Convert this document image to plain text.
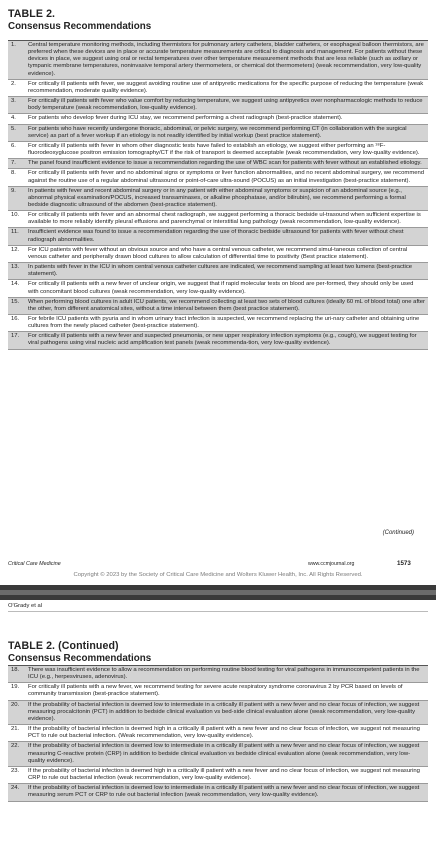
TABLE 2.
Consensus Recommendations
1. Central temperature monitoring methods, including thermistors for pulmonary artery catheters, bladder catheters, or esophageal balloon thermistors, are preferred when these devices are in place or accurate temperature measurements are critical to diagnosis and management. For patients without these devices in place, we suggest using oral or rectal temperatures over other temperature measurement methods that are less reliable (such as axillary or tympanic membrane temperatures, noninvasive temporal artery thermometers, or chemical dot thermometers) (weak recommendation, very low-quality evidence).
2. For critically ill patients with fever, we suggest avoiding routine use of antipyretic medications for the specific purpose of reducing the temperature (weak recommendation, moderate quality evidence).
3. For critically ill patients with fever who value comfort by reducing temperature, we suggest using antipyretics over nonpharmacologic methods to reduce body temperature (weak recommendation, low-quality evidence).
4. For patients who develop fever during ICU stay, we recommend performing a chest radiograph (best-practice statement).
5. For patients who have recently undergone thoracic, abdominal, or pelvic surgery, we recommend performing CT (in collaboration with the surgical service) as part of a fever workup if an etiology is not readily identified by initial workup (best practice statement).
6. For critically ill patients with fever in whom other diagnostic tests have failed to establish an etiology, we suggest either performing an ¹⁸F-fluorodeoxyglucose positron emission tomography/CT if the risk of transport is deemed acceptable (weak recommendation, very low-quality evidence).
7. The panel found insufficient evidence to issue a recommendation regarding the use of WBC scan for patients with fever without an established etiology.
8. For critically ill patients with fever and no abdominal signs or symptoms or liver function abnormalities, and no recent abdominal surgery, we recommend against the routine use of a regular abdominal ultrasound or point-of-care ultra-sound (POCUS) as an initial investigation (best-practice statement).
9. In patients with fever and recent abdominal surgery or in any patient with either abdominal symptoms or suspicion of an abdominal source (e.g., abnormal physical examination/POCUS, increased transaminases, or alkaline phosphatase, and/or bilirubin), we recommend performing a formal bedside diagnostic ultrasound of the abdomen (best-practice statement).
10. For critically ill patients with fever and an abnormal chest radiograph, we suggest performing a thoracic bedside ul-trasound when sufficient expertise is available to more reliably identify pleural effusions and parenchymal or interstitial lung pathology (weak recommendation, low-quality evidence).
11. Insufficient evidence was found to issue a recommendation regarding the use of thoracic bedside ultrasound for patients with fever without chest radiograph abnormalities.
12. For ICU patients with fever without an obvious source and who have a central venous catheter, we recommend simul-taneous collection of central venous catheter and peripherally drawn blood cultures to allow calculation of differential time to positivity (Best practice statement).
13. In patients with fever in the ICU in whom central venous catheter cultures are indicated, we recommend sampling at least two lumens (best-practice statement).
14. For critically ill patients with a new fever of unclear origin, we suggest that if rapid molecular tests on blood are per-formed, they should only be used with concomitant blood cultures (weak recommendation, very low-quality evidence).
15. When performing blood cultures in adult ICU patients, we recommend collecting at least two sets of blood cultures (ideally 60 mL of blood total) one after the other, from different anatomical sites, without a time interval between them (best practice statement).
16. For febrile ICU patients with pyuria and in whom urinary tract infection is suspected, we recommend replacing the uri-nary catheter and obtaining urine cultures from the newly placed catheter (best-practice statement).
17. For critically ill patients with a new fever and suspected pneumonia, or new upper respiratory infection symptoms (e.g., cough), we suggest testing for viral pathogens using viral nucleic acid amplification test panels (weak recommenda-tion, very low-quality evidence).
(Continued)
Critical Care Medicine	www.ccmjournal.org	1573
Copyright © 2023 by the Society of Critical Care Medicine and Wolters Kluwer Health, Inc. All Rights Reserved.
O'Grady et al
TABLE 2. (Continued)
Consensus Recommendations
18. There was insufficient evidence to allow a recommendation on performing routine blood testing for viral pathogens in immunocompetent patients in the ICU (e.g., herpesviruses, adenovirus).
19. For critically ill patients with a new fever, we recommend testing for severe acute respiratory syndrome coronavirus 2 by PCR based on levels of community transmission (best-practice statement).
20. If the probability of bacterial infection is deemed low to intermediate in a critically ill patient with a new fever and no clear focus of infection, we suggest measuring procalcitonin (PCT) in addition to bedside clinical evaluation vs bed-side clinical evaluation alone (weak recommendation, very low-quality evidence).
21. If the probability of bacterial infection is deemed high in a critically ill patient with a new fever and no clear focus of infection, we suggest not measuring PCT to rule out bacterial infection. (Weak recommendation, very low-quality evidence).
22. If the probability of bacterial infection is deemed low to intermediate in a critically ill patient with a new fever and no clear focus of infection, we suggest measuring C-reactive protein (CRP) in addition to bedside clinical evaluation vs bedside clinical evaluation alone (weak recommendation, very low-quality evidence).
23. If the probability of bacterial infection is deemed high in a critically ill patient with a new fever and no clear focus of infection, we suggest not measuring CRP to rule out bacterial infection (weak recommendation, very low-quality evidence).
24. If the probability of bacterial infection is deemed low to intermediate in a critically ill patient with a new fever and no clear focus of infection, we suggest measuring serum PCT or CRP to rule out bacterial infection (weak recommendation, very low-quality evidence).
